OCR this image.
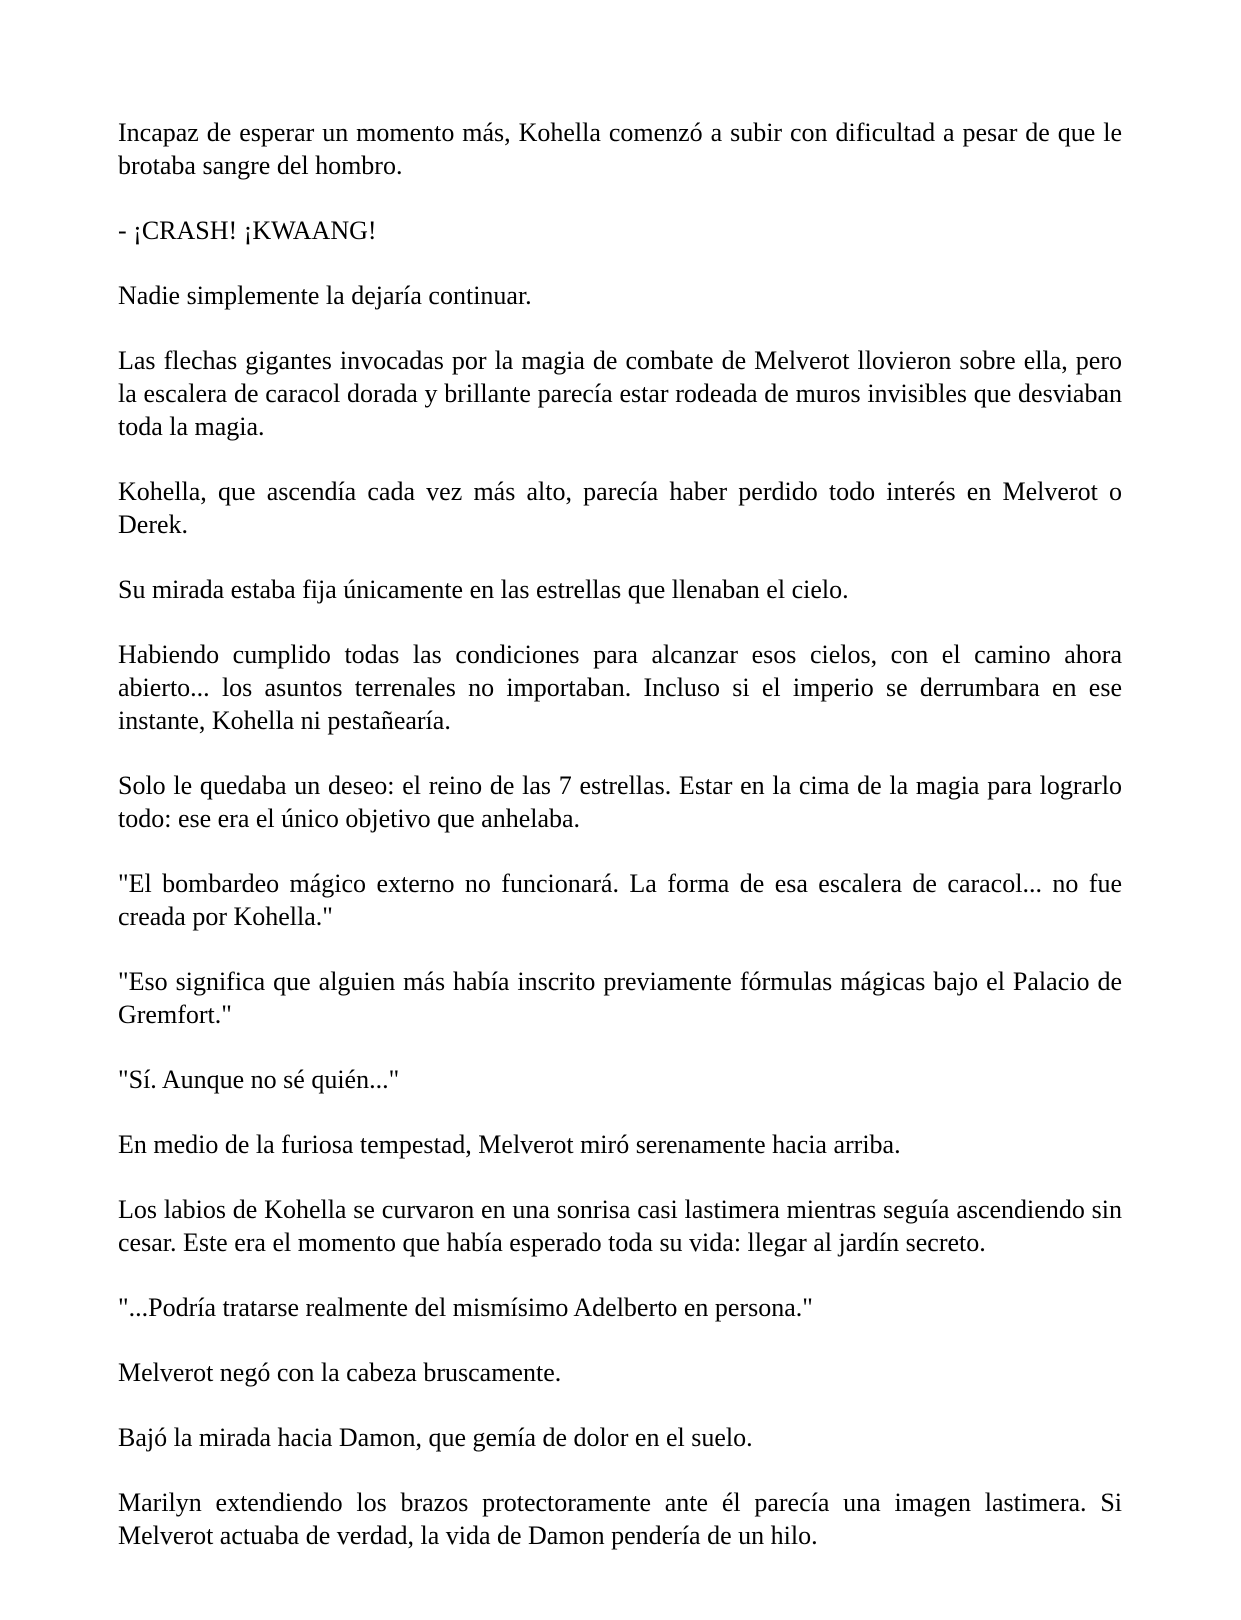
Incapaz de esperar un momento más, Kohella comenzó a subir con dificultad a pesar de que le brotaba sangre del hombro.

- ¡CRASH! ¡KWAANG!

Nadie simplemente la dejaría continuar.

Las flechas gigantes invocadas por la magia de combate de Melverot llovieron sobre ella, pero la escalera de caracol dorada y brillante parecía estar rodeada de muros invisibles que desviaban toda la magia.

Kohella, que ascendía cada vez más alto, parecía haber perdido todo interés en Melverot o Derek.

Su mirada estaba fija únicamente en las estrellas que llenaban el cielo.

Habiendo cumplido todas las condiciones para alcanzar esos cielos, con el camino ahora abierto... los asuntos terrenales no importaban. Incluso si el imperio se derrumbara en ese instante, Kohella ni pestañearía.

Solo le quedaba un deseo: el reino de las 7 estrellas. Estar en la cima de la magia para lograrlo todo: ese era el único objetivo que anhelaba.

"El bombardeo mágico externo no funcionará. La forma de esa escalera de caracol... no fue creada por Kohella."

"Eso significa que alguien más había inscrito previamente fórmulas mágicas bajo el Palacio de Gremfort."

"Sí. Aunque no sé quién..."

En medio de la furiosa tempestad, Melverot miró serenamente hacia arriba.

Los labios de Kohella se curvaron en una sonrisa casi lastimera mientras seguía ascendiendo sin cesar. Este era el momento que había esperado toda su vida: llegar al jardín secreto.

"...Podría tratarse realmente del mismísimo Adelberto en persona."

Melverot negó con la cabeza bruscamente.

Bajó la mirada hacia Damon, que gemía de dolor en el suelo.

Marilyn extendiendo los brazos protectoramente ante él parecía una imagen lastimera. Si Melverot actuaba de verdad, la vida de Damon pendería de un hilo.
